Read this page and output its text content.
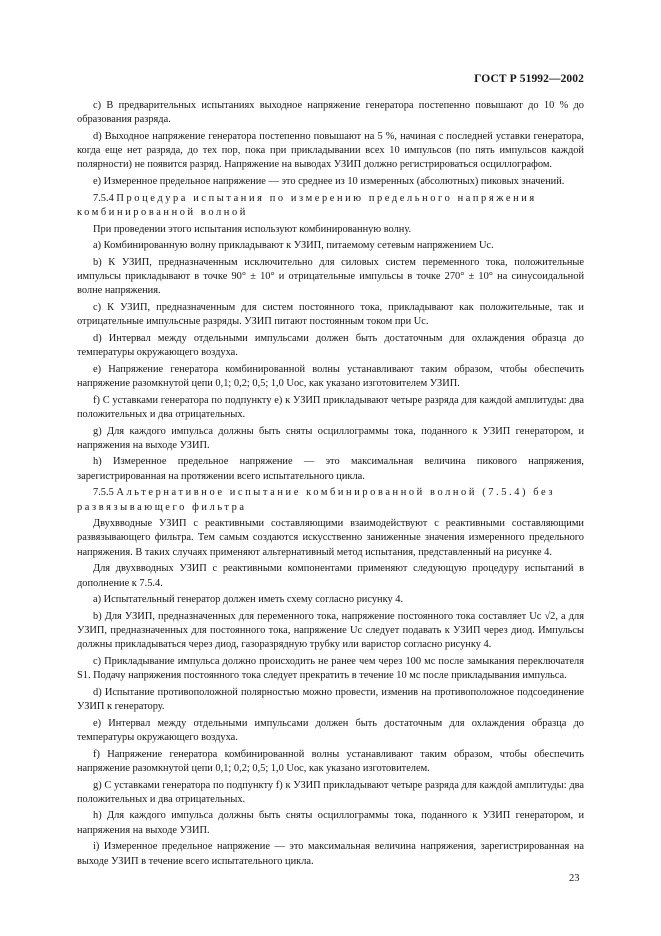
ГОСТ Р 51992—2002

c) В предварительных испытаниях выходное напряжение генератора постепенно повышают до 10 % до образования разряда.

d) Выходное напряжение генератора постепенно повышают на 5 %, начиная с последней уставки генератора, когда еще нет разряда, до тех пор, пока при прикладывании всех 10 импульсов (по пять импульсов каждой полярности) не появится разряд. Напряжение на выводах УЗИП должно регистрироваться осциллографом.

e) Измеренное предельное напряжение — это среднее из 10 измеренных (абсолютных) пиковых значений.

7.5.4 Процедура испытания по измерению предельного напряжения комбинированной волной

При проведении этого испытания используют комбинированную волну.

a) Комбинированную волну прикладывают к УЗИП, питаемому сетевым напряжением Uc.

b) К УЗИП, предназначенным исключительно для силовых систем переменного тока, положительные импульсы прикладывают в точке 90° ± 10° и отрицательные импульсы в точке 270° ± 10° на синусоидальной волне напряжения.

c) К УЗИП, предназначенным для систем постоянного тока, прикладывают как положительные, так и отрицательные импульсные разряды. УЗИП питают постоянным током при Uc.

d) Интервал между отдельными импульсами должен быть достаточным для охлаждения образца до температуры окружающего воздуха.

e) Напряжение генератора комбинированной волны устанавливают таким образом, чтобы обеспечить напряжение разомкнутой цепи 0,1; 0,2; 0,5; 1,0 Uoc, как указано изготовителем УЗИП.

f) С уставками генератора по подпункту e) к УЗИП прикладывают четыре разряда для каждой амплитуды: два положительных и два отрицательных.

g) Для каждого импульса должны быть сняты осциллограммы тока, поданного к УЗИП генератором, и напряжения на выходе УЗИП.

h) Измеренное предельное напряжение — это максимальная величина пикового напряжения, зарегистрированная на протяжении всего испытательного цикла.

7.5.5 Альтернативное испытание комбинированной волной (7.5.4) без развязывающего фильтра

Двухвводные УЗИП с реактивными составляющими взаимодействуют с реактивными составляющими развязывающего фильтра. Тем самым создаются искусственно заниженные значения измеренного предельного напряжения. В таких случаях применяют альтернативный метод испытания, представленный на рисунке 4.

Для двухвводных УЗИП с реактивными компонентами применяют следующую процедуру испытаний в дополнение к 7.5.4.

a) Испытательный генератор должен иметь схему согласно рисунку 4.

b) Для УЗИП, предназначенных для переменного тока, напряжение постоянного тока составляет Uc √2, а для УЗИП, предназначенных для постоянного тока, напряжение Uc следует подавать к УЗИП через диод. Импульсы должны прикладываться через диод, газоразрядную трубку или варистор согласно рисунку 4.

c) Прикладывание импульса должно происходить не ранее чем через 100 мс после замыкания переключателя S1. Подачу напряжения постоянного тока следует прекратить в течение 10 мс после прикладывания импульса.

d) Испытание противоположной полярностью можно провести, изменив на противоположное подсоединение УЗИП к генератору.

e) Интервал между отдельными импульсами должен быть достаточным для охлаждения образца до температуры окружающего воздуха.

f) Напряжение генератора комбинированной волны устанавливают таким образом, чтобы обеспечить напряжение разомкнутой цепи 0,1; 0,2; 0,5; 1,0 Uoc, как указано изготовителем.

g) С уставками генератора по подпункту f) к УЗИП прикладывают четыре разряда для каждой амплитуды: два положительных и два отрицательных.

h) Для каждого импульса должны быть сняты осциллограммы тока, поданного к УЗИП генератором, и напряжения на выходе УЗИП.

i) Измеренное предельное напряжение — это максимальная величина напряжения, зарегистрированная на выходе УЗИП в течение всего испытательного цикла.

23
